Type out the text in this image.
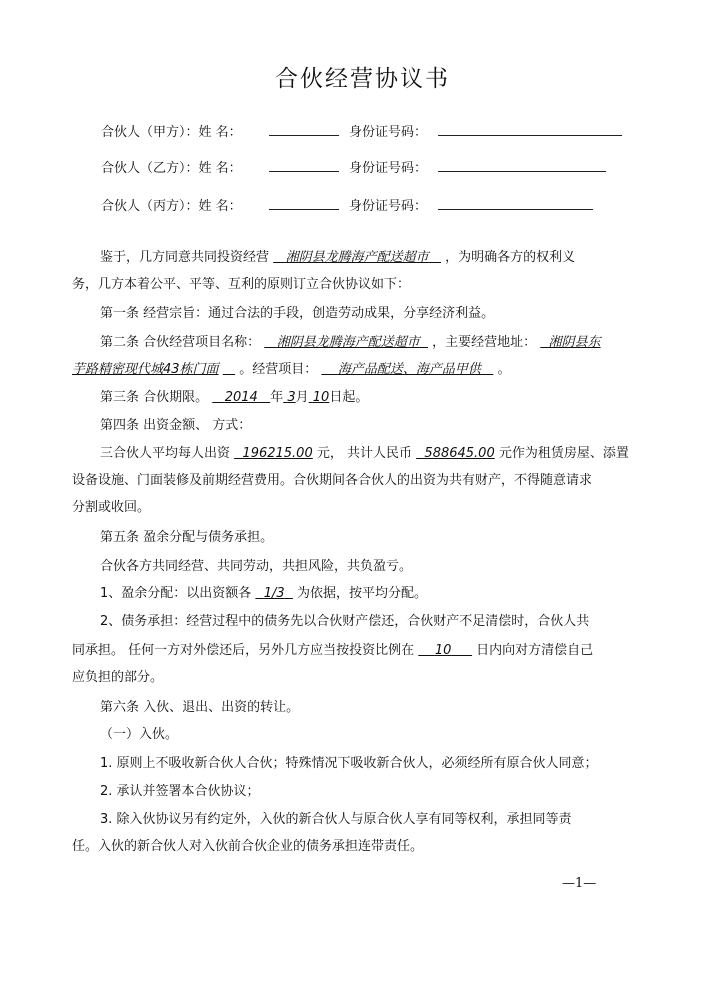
合伙经营协议书
合伙人（甲方）：姓 名：	身份证号码：
合伙人（乙方）：姓 名：	身份证号码：
合伙人（丙方）：姓 名：	身份证号码：
鉴于，几方同意共同投资经营 湘阴县龙腾海产配送超市 ，为明确各方的权利义
务，几方本着公平、平等、互利的原则订立合伙协议如下：
第一条 经营宗旨：通过合法的手段，创造劳动成果，分享经济利益。
第二条 合伙经营项目名称： 湘阴县龙腾海产配送超市 ，主要经营地址： 湘阴县东
芋路精密现代城43栋门面 。经营项目： 海产品配送、海产品甲供 。
第三条 合伙期限。 2014 年 3月 10日起。
第四条 出资金额、 方式：
三合伙人平均每人出资 196215.00 元， 共计人民币 588645.00 元作为租赁房屋、添置
设备设施、门面装修及前期经营费用。合伙期间各合伙人的出资为共有财产，不得随意请求
分割或收回。
第五条 盈余分配与债务承担。
合伙各方共同经营、共同劳动，共担风险，共负盈亏。
1、盈余分配：以出资额各 1/3 为依据，按平均分配。
2、债务承担：经营过程中的债务先以合伙财产偿还，合伙财产不足清偿时，合伙人共
同承担。 任何一方对外偿还后，另外几方应当按投资比例在 10 日内向对方清偿自己
应负担的部分。
第六条 入伙、退出、出资的转让。
（一）入伙。
1. 原则上不吸收新合伙人合伙；特殊情况下吸收新合伙人，必须经所有原合伙人同意；
2. 承认并签署本合伙协议；
3. 除入伙协议另有约定外，入伙的新合伙人与原合伙人享有同等权利，承担同等责
任。入伙的新合伙人对入伙前合伙企业的债务承担连带责任。
—1—
